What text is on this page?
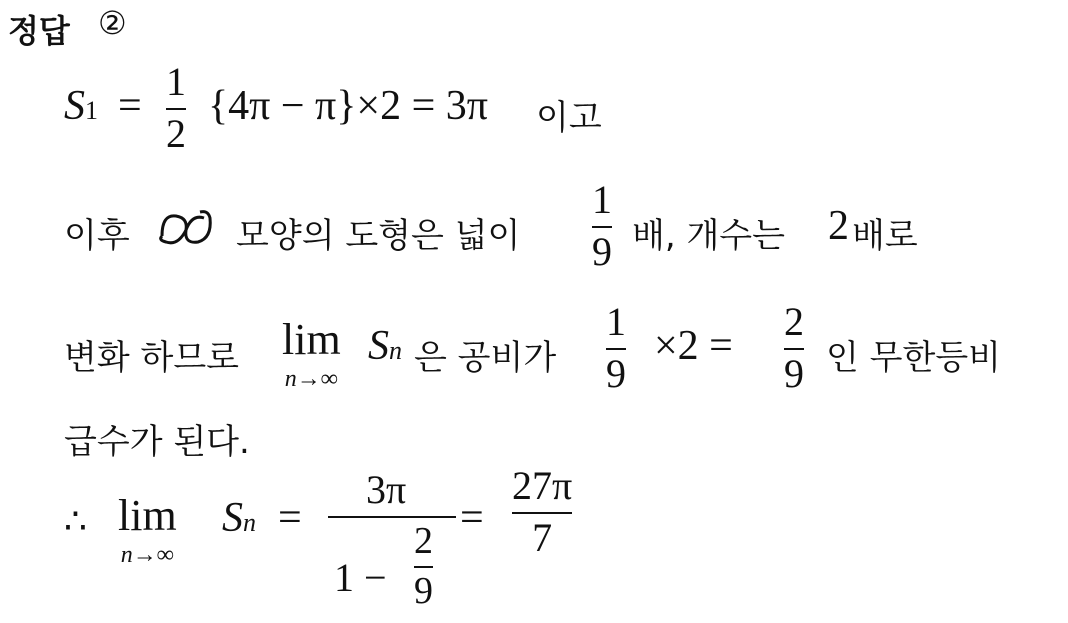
정답 ②
S1 =
1
2
{4π − π}×2 = 3π 이고
이후	모양의 도형은 넓이
1
9 배, 개수는 2 배로
변화 하므로 lim
n→∞
Sn 은 공비가
1
9
×2 =
2
9 인 무한등비
급수가 된다.
∴ lim
n→∞
Sn =
3π
1 −
2
9
=
27π
7
